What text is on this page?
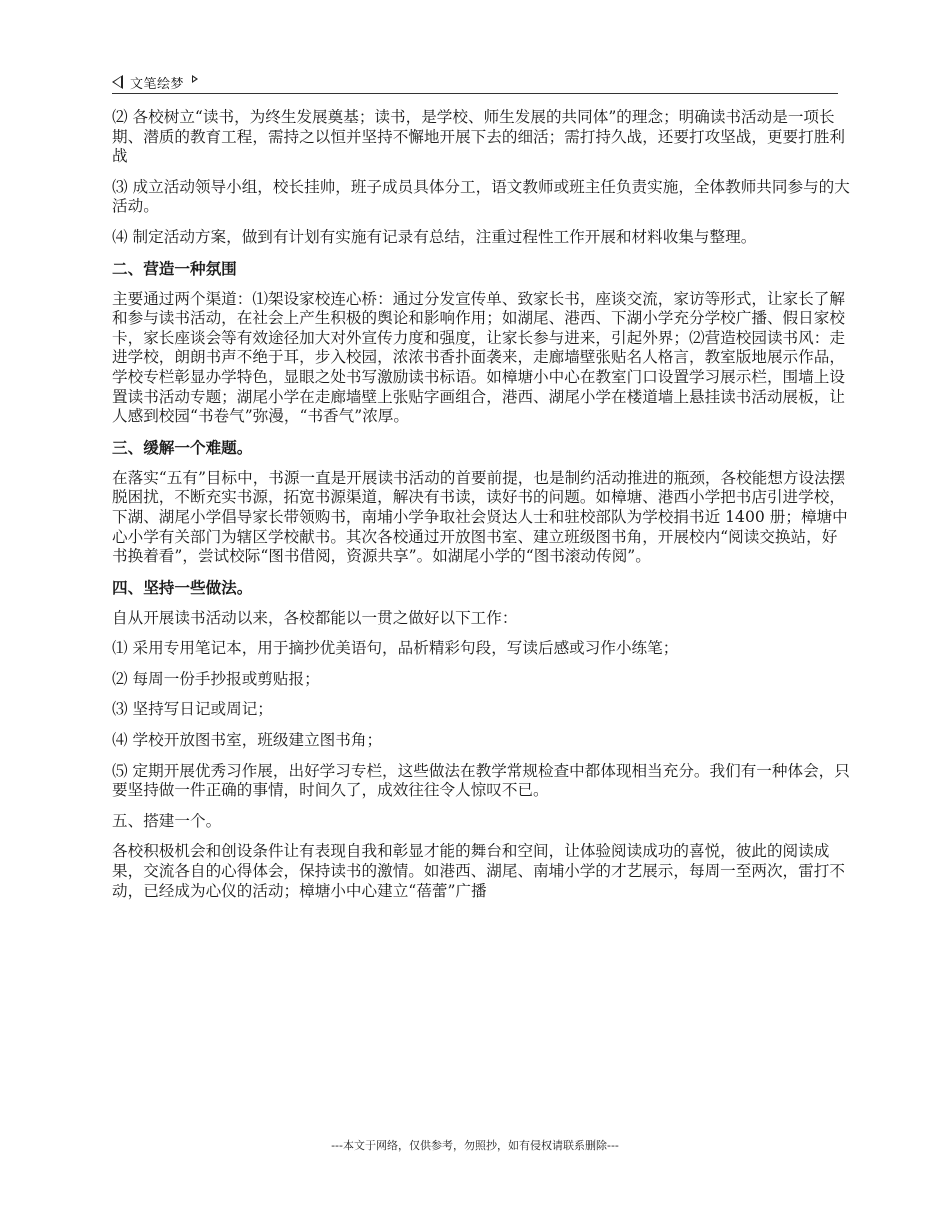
文笔绘梦

⑵ 各校树立“读书，为终生发展奠基；读书，是学校、师生发展的共同体”的理念；明确读书活动是一项长期、潜质的教育工程，需持之以恒并坚持不懈地开展下去的细活；需打持久战，还要打攻坚战，更要打胜利战

⑶ 成立活动领导小组，校长挂帅，班子成员具体分工，语文教师或班主任负责实施，全体教师共同参与的大活动。

⑷ 制定活动方案，做到有计划有实施有记录有总结，注重过程性工作开展和材料收集与整理。

二、营造一种氛围

主要通过两个渠道：⑴架设家校连心桥：通过分发宣传单、致家长书，座谈交流，家访等形式，让家长了解和参与读书活动，在社会上产生积极的舆论和影响作用；如湖尾、港西、下湖小学充分学校广播、假日家校卡，家长座谈会等有效途径加大对外宣传力度和强度，让家长参与进来，引起外界；⑵营造校园读书风：走进学校，朗朗书声不绝于耳，步入校园，浓浓书香扑面袭来，走廊墙壁张贴名人格言，教室版地展示作品，学校专栏彰显办学特色，显眼之处书写激励读书标语。如樟塘小中心在教室门口设置学习展示栏，围墙上设置读书活动专题；湖尾小学在走廊墙壁上张贴字画组合，港西、湖尾小学在楼道墙上悬挂读书活动展板，让人感到校园“书卷气”弥漫，“书香气”浓厚。

三、缓解一个难题。

在落实“五有”目标中，书源一直是开展读书活动的首要前提，也是制约活动推进的瓶颈，各校能想方设法摆脱困扰，不断充实书源，拓宽书源渠道，解决有书读，读好书的问题。如樟塘、港西小学把书店引进学校，下湖、湖尾小学倡导家长带领购书，南埔小学争取社会贤达人士和驻校部队为学校捐书近 1400 册；樟塘中心小学有关部门为辖区学校献书。其次各校通过开放图书室、建立班级图书角，开展校内“阅读交换站，好书换着看”，尝试校际“图书借阅，资源共享”。如湖尾小学的“图书滚动传阅”。

四、坚持一些做法。

自从开展读书活动以来，各校都能以一贯之做好以下工作：

⑴ 采用专用笔记本，用于摘抄优美语句，品析精彩句段，写读后感或习作小练笔；

⑵ 每周一份手抄报或剪贴报；

⑶ 坚持写日记或周记；

⑷ 学校开放图书室，班级建立图书角；

⑸ 定期开展优秀习作展，出好学习专栏，这些做法在教学常规检查中都体现相当充分。我们有一种体会，只要坚持做一件正确的事情，时间久了，成效往往令人惊叹不已。

五、搭建一个。

各校积极机会和创设条件让有表现自我和彰显才能的舞台和空间，让体验阅读成功的喜悦，彼此的阅读成果，交流各自的心得体会，保持读书的激情。如港西、湖尾、南埔小学的才艺展示，每周一至两次，雷打不动，已经成为心仪的活动；樟塘小中心建立“蓓蕾”广播

---本文于网络，仅供参考，勿照抄，如有侵权请联系删除---
